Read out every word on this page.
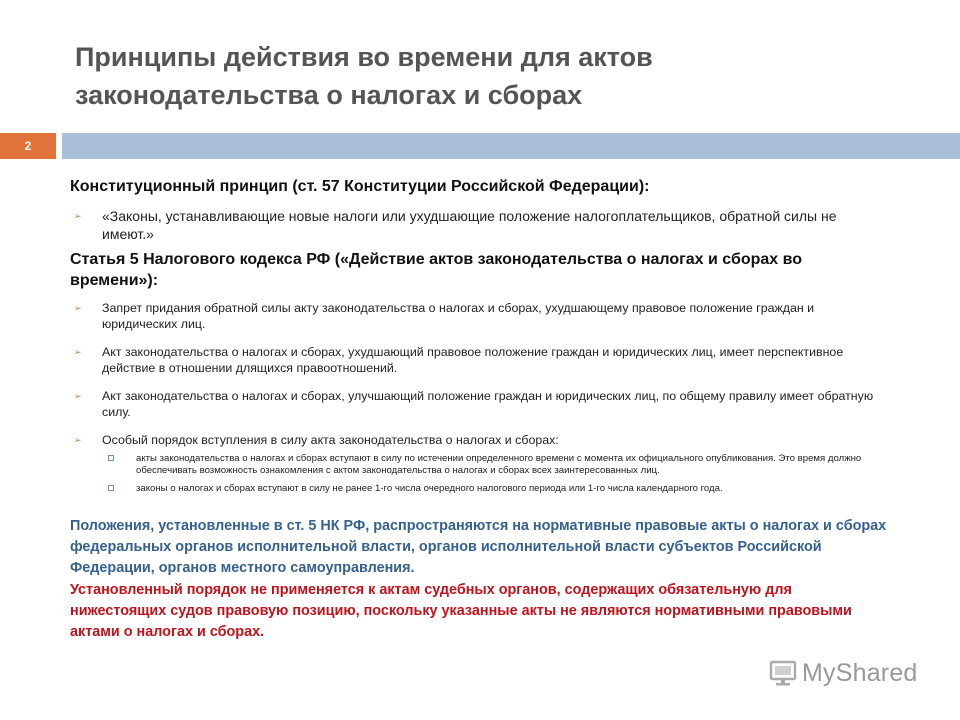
Принципы действия во времени для актов законодательства о налогах и сборах
2

Конституционный принцип (ст. 57 Конституции Российской Федерации):

➢ «Законы, устанавливающие новые налоги или ухудшающие положение налогоплательщиков, обратной силы не имеют.»

Статья 5 Налогового кодекса РФ («Действие актов законодательства о налогах и сборах во времени»):

➢ Запрет придания обратной силы акту законодательства о налогах и сборах, ухудшающему правовое положение граждан и юридических лиц.
➢ Акт законодательства о налогах и сборах, ухудшающий правовое положение граждан и юридических лиц, имеет перспективное действие в отношении длящихся правоотношений.
➢ Акт законодательства о налогах и сборах, улучшающий положение граждан и юридических лиц, по общему правилу имеет обратную силу.
➢ Особый порядок вступления в силу акта законодательства о налогах и сборах:
акты законодательства о налогах и сборах вступают в силу по истечении определенного времени с момента их официального опубликования. Это время должно обеспечивать возможность ознакомления с актом законодательства о налогах и сборах всех заинтересованных лиц.
законы о налогах и сборах вступают в силу не ранее 1-го числа очередного налогового периода или 1-го числа календарного года.
Положения, установленные в ст. 5 НК РФ, распространяются на нормативные правовые акты о налогах и сборах федеральных органов исполнительной власти, органов исполнительной власти субъектов Российской Федерации, органов местного самоуправления.
Установленный порядок не применяется к актам судебных органов, содержащих обязательную для нижестоящих судов правовую позицию, поскольку указанные акты не являются нормативными правовыми актами о налогах и сборах.
MyShared
